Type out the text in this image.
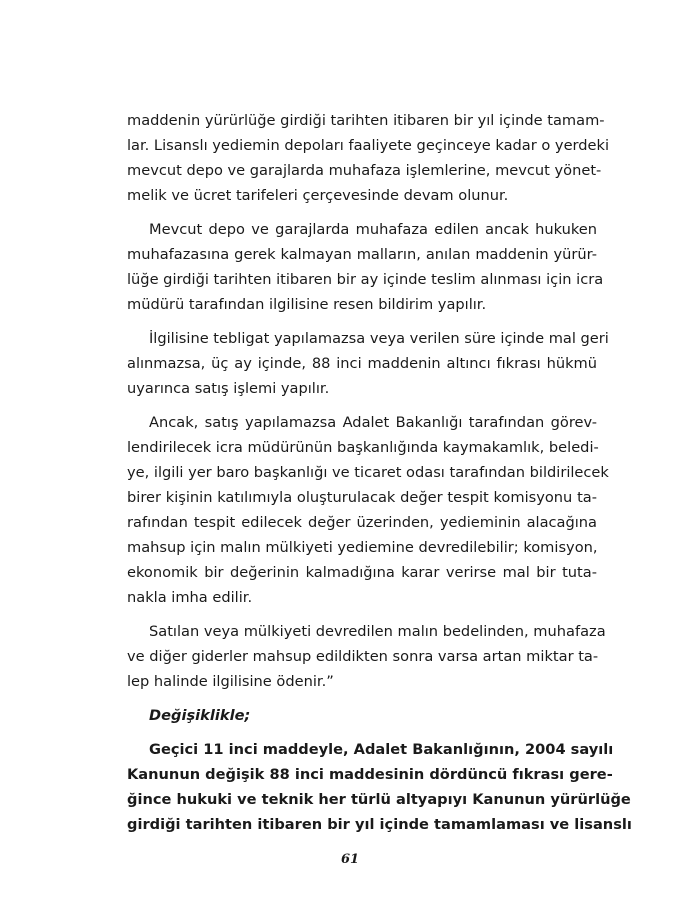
maddenin yürürlüğe girdiği tarihten itibaren bir yıl içinde tamam-
lar. Lisanslı yediemin depoları faaliyete geçinceye kadar o yerdeki
mevcut depo ve garajlarda muhafaza işlemlerine, mevcut yönet-
melik ve ücret tarifeleri çerçevesinde devam olunur.
Mevcut depo ve garajlarda muhafaza edilen ancak hukuken
muhafazasına gerek kalmayan malların, anılan maddenin yürür-
lüğe girdiği tarihten itibaren bir ay içinde teslim alınması için icra
müdürü tarafından ilgilisine resen bildirim yapılır.
İlgilisine tebligat yapılamazsa veya verilen süre içinde mal geri
alınmazsa, üç ay içinde, 88 inci maddenin altıncı fıkrası hükmü
uyarınca satış işlemi yapılır.
Ancak, satış yapılamazsa Adalet Bakanlığı tarafından görev-
lendirilecek icra müdürünün başkanlığında kaymakamlık, beledi-
ye, ilgili yer baro başkanlığı ve ticaret odası tarafından bildirilecek
birer kişinin katılımıyla oluşturulacak değer tespit komisyonu ta-
rafından tespit edilecek değer üzerinden, yedieminin alacağına
mahsup için malın mülkiyeti yediemine devredilebilir; komisyon,
ekonomik bir değerinin kalmadığına karar verirse mal bir tuta-
nakla imha edilir.
Satılan veya mülkiyeti devredilen malın bedelinden, muhafaza
ve diğer giderler mahsup edildikten sonra varsa artan miktar ta-
lep halinde ilgilisine ödenir.”
Değişiklikle;
Geçici 11 inci maddeyle, Adalet Bakanlığının, 2004 sayılı
Kanunun değişik 88 inci maddesinin dördüncü fıkrası gere-
ğince hukuki ve teknik her türlü altyapıyı Kanunun yürürlüğe
girdiği tarihten itibaren bir yıl içinde tamamlaması ve lisanslı
61
